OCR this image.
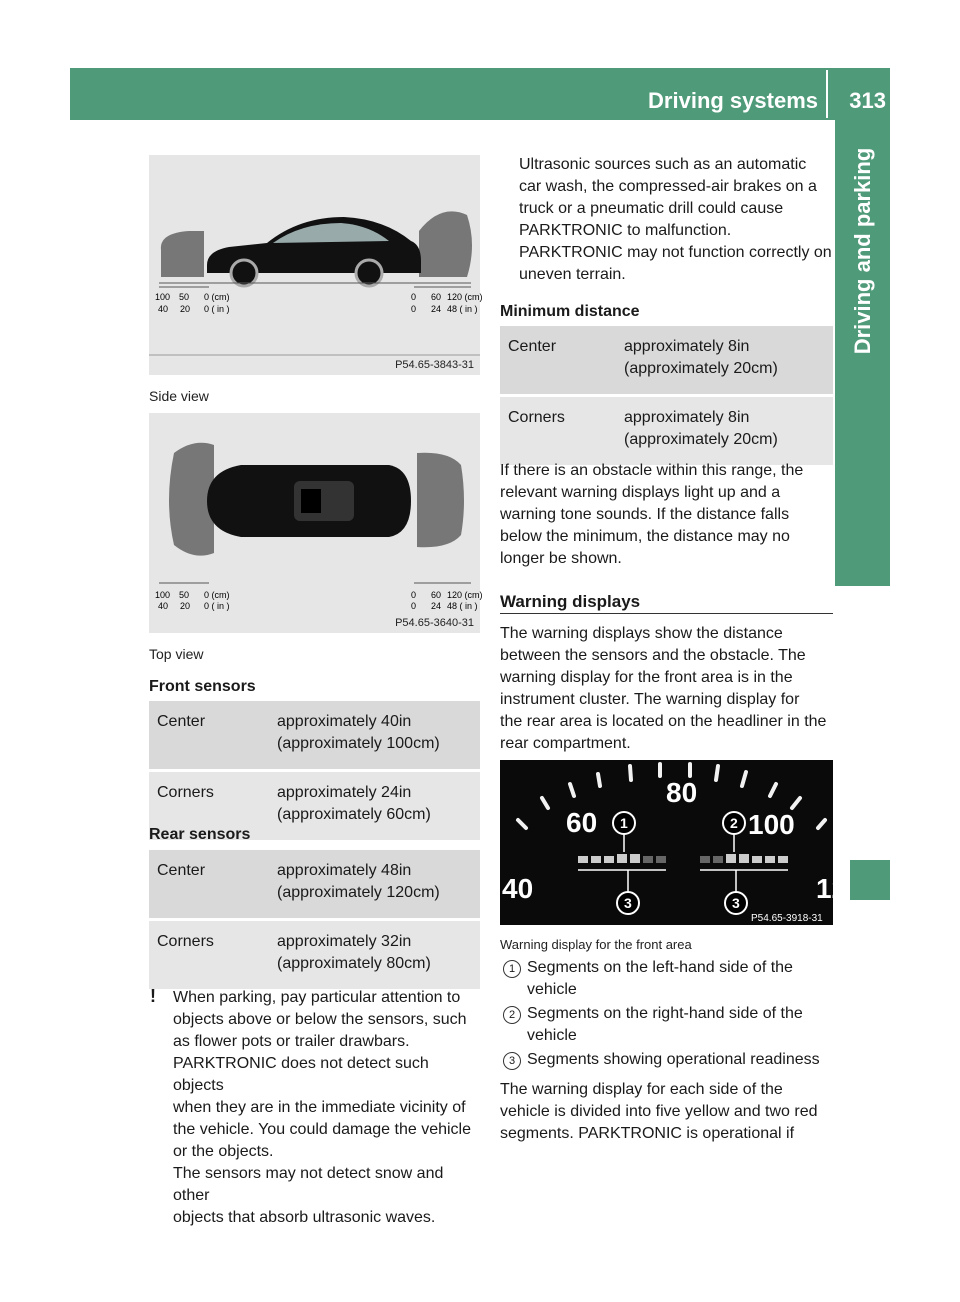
Driving systems 313
Driving and parking
100 50 0 (cm)
40 20 0 ( in )
0 60 120 (cm)
0 24 48 ( in )
P54.65-3843-31
Side view
100 50 0 (cm)
40 20 0 ( in )
0 60 120 (cm)
0 24 48 ( in )
P54.65-3640-31
Top view
Front sensors
Center	approximately 40in
(approximately 100cm)
Corners	approximately 24in
(approximately 60cm)
Rear sensors
Center	approximately 48in
(approximately 120cm)
Corners	approximately 32in
(approximately 80cm)
! When parking, pay particular attention to
objects above or below the sensors, such
as flower pots or trailer drawbars.
PARKTRONIC does not detect such objects
when they are in the immediate vicinity of
the vehicle. You could damage the vehicle
or the objects.
The sensors may not detect snow and other
objects that absorb ultrasonic waves.
Ultrasonic sources such as an automatic
car wash, the compressed-air brakes on a
truck or a pneumatic drill could cause
PARKTRONIC to malfunction.
PARKTRONIC may not function correctly on
uneven terrain.
Minimum distance
Center	approximately 8in
(approximately 20cm)
Corners	approximately 8in
(approximately 20cm)
If there is an obstacle within this range, the
relevant warning displays light up and a
warning tone sounds. If the distance falls
below the minimum, the distance may no
longer be shown.
Warning displays
The warning displays show the distance
between the sensors and the obstacle. The
warning display for the front area is in the
instrument cluster. The warning display for
the rear area is located on the headliner in the
rear compartment.
80
60	100
40	12
1	2
3	3
P54.65-3918-31
Warning display for the front area
1 Segments on the left-hand side of the
vehicle
2 Segments on the right-hand side of the
vehicle
3 Segments showing operational readiness
The warning display for each side of the
vehicle is divided into five yellow and two red
segments. PARKTRONIC is operational if
